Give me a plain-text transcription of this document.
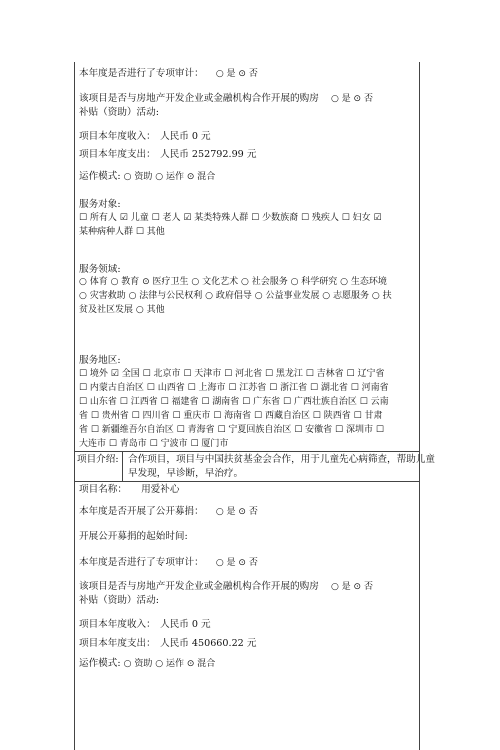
本年度是否进行了专项审计： ○ 是 ⊙ 否
该项目是否与房地产开发企业或金融机构合作开展的购房 ○ 是 ⊙ 否
补贴（资助）活动:
项目本年度收入： 人民币 0 元
项目本年度支出： 人民币 252792.99 元
运作模式: ○ 资助 ○ 运作 ⊙ 混合
服务对象:
☐ 所有人 ☑ 儿童 ☐ 老人 ☑ 某类特殊人群 ☐ 少数族裔 ☐ 残疾人 ☐ 妇女 ☑
某种病种人群 ☐ 其他
服务领域:
○ 体育 ○ 教育 ⊙ 医疗卫生 ○ 文化艺术 ○ 社会服务 ○ 科学研究 ○ 生态环境
○ 灾害救助 ○ 法律与公民权利 ○ 政府倡导 ○ 公益事业发展 ○ 志愿服务 ○ 扶
贫及社区发展 ○ 其他
服务地区:
☐ 境外 ☑ 全国 ☐ 北京市 ☐ 天津市 ☐ 河北省 ☐ 黑龙江 ☐ 吉林省 ☐ 辽宁省
☐ 内蒙古自治区 ☐ 山西省 ☐ 上海市 ☐ 江苏省 ☐ 浙江省 ☐ 湖北省 ☐ 河南省
☐ 山东省 ☐ 江西省 ☐ 福建省 ☐ 湖南省 ☐ 广东省 ☐ 广西壮族自治区 ☐ 云南
省 ☐ 贵州省 ☐ 四川省 ☐ 重庆市 ☐ 海南省 ☐ 西藏自治区 ☐ 陕西省 ☐ 甘肃
省 ☐ 新疆维吾尔自治区 ☐ 青海省 ☐ 宁夏回族自治区 ☐ 安徽省 ☐ 深圳市 ☐
大连市 ☐ 青岛市 ☐ 宁波市 ☐ 厦门市
项目介绍: 合作项目，项目与中国扶贫基金会合作，用于儿童先心病筛查，帮助儿童
早发现，早诊断，早治疗。
项目名称： 用爱补心
本年度是否开展了公开募捐： ○ 是 ⊙ 否
开展公开募捐的起始时间:
本年度是否进行了专项审计： ○ 是 ⊙ 否
该项目是否与房地产开发企业或金融机构合作开展的购房 ○ 是 ⊙ 否
补贴（资助）活动:
项目本年度收入： 人民币 0 元
项目本年度支出： 人民币 450660.22 元
运作模式: ○ 资助 ○ 运作 ⊙ 混合
